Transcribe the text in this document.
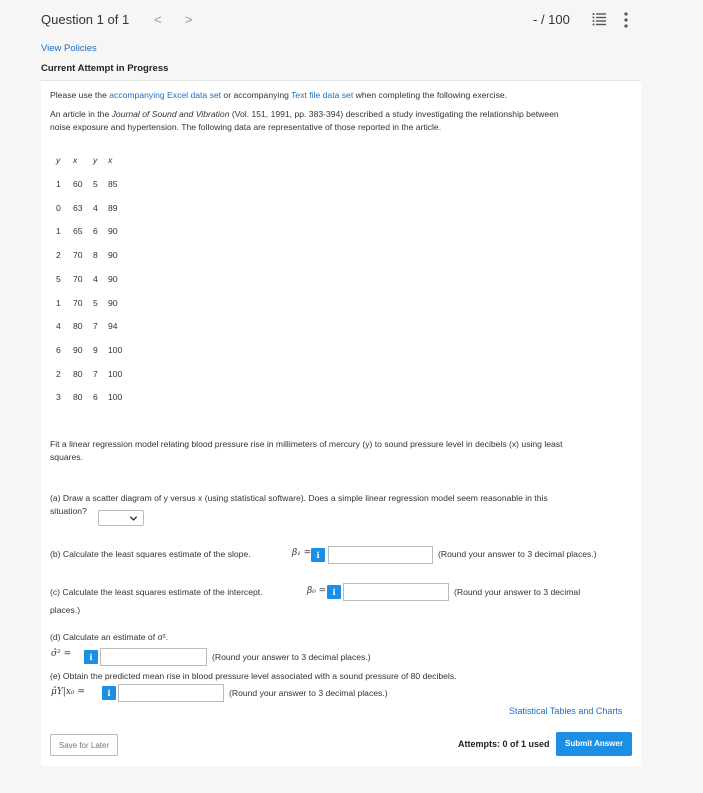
Question 1 of 1 < >	- / 100
View Policies
Current Attempt in Progress
Please use the accompanying Excel data set or accompanying Text file data set when completing the following exercise.
An article in the Journal of Sound and Vibration (Vol. 151, 1991, pp. 383-394) described a study investigating the relationship between
noise exposure and hypertension. The following data are representative of those reported in the article.
y x y x
1 60 5 85
0 63 4 89
1 65 6 90
2 70 8 90
5 70 4 90
1 70 5 90
4 80 7 94
6 90 9 100
2 80 7 100
3 80 6 100
Fit a linear regression model relating blood pressure rise in millimeters of mercury (y) to sound pressure level in decibels (x) using least
squares.
(a) Draw a scatter diagram of y versus x (using statistical software). Does a simple linear regression model seem reasonable in this
situation?
(b) Calculate the least squares estimate of the slope.	β₁ = i	(Round your answer to 3 decimal places.)
(c) Calculate the least squares estimate of the intercept.	β₀ = i	(Round your answer to 3 decimal
places.)
(d) Calculate an estimate of σ².
σ̂² =	i	(Round your answer to 3 decimal places.)
(e) Obtain the predicted mean rise in blood pressure level associated with a sound pressure of 80 decibels.
μ̂Y|x₀ =	i	(Round your answer to 3 decimal places.)
Statistical Tables and Charts
Save for Later	Attempts: 0 of 1 used	Submit Answer
